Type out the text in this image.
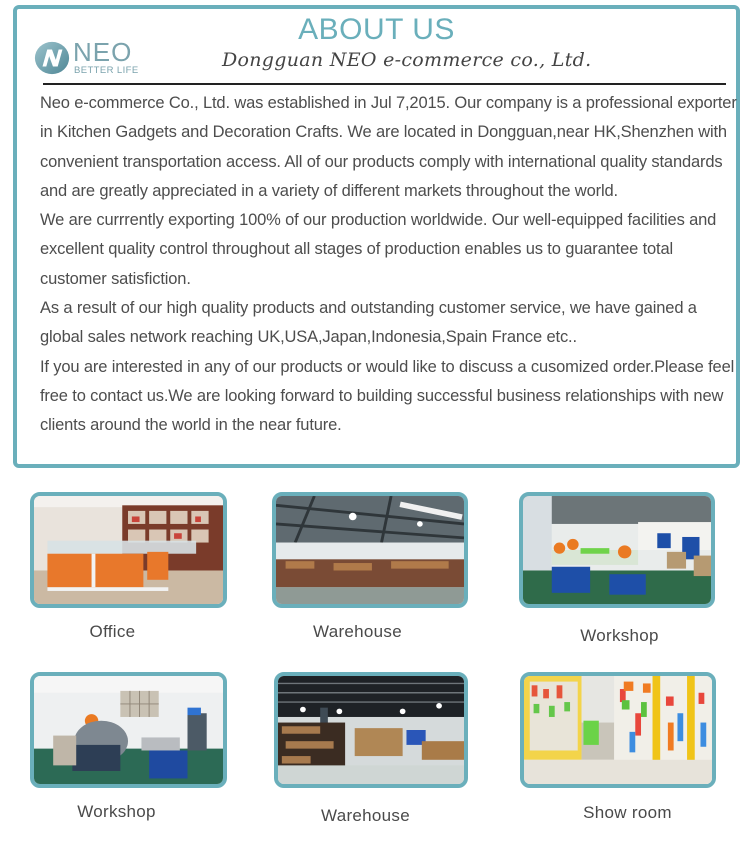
ABOUT US
NEO
BETTER LIFE	Dongguan NEO e-commerce co., Ltd.

Neo e-commerce Co., Ltd. was established in Jul 7,2015. Our company is a professional exporter in Kitchen Gadgets and Decoration Crafts. We are located in Dongguan,near HK,Shenzhen with convenient transportation access. All of our products comply with international quality standards and are greatly appreciated in a variety of different markets throughout the world.

We are currrently exporting 100% of our production worldwide. Our well-equipped facilities and excellent quality control throughout all stages of production enables us to guarantee total customer satisfiction.

As a result of our high quality products and outstanding customer service, we have gained a global sales network reaching UK,USA,Japan,Indonesia,Spain France etc..

If you are interested in any of our products or would like to discuss a cusomized order.Please feel free to contact us.We are looking forward to building successful business relationships with new clients around the world in the near future.

Office	Warehouse	Workshop
Workshop	Warehouse	Show room
